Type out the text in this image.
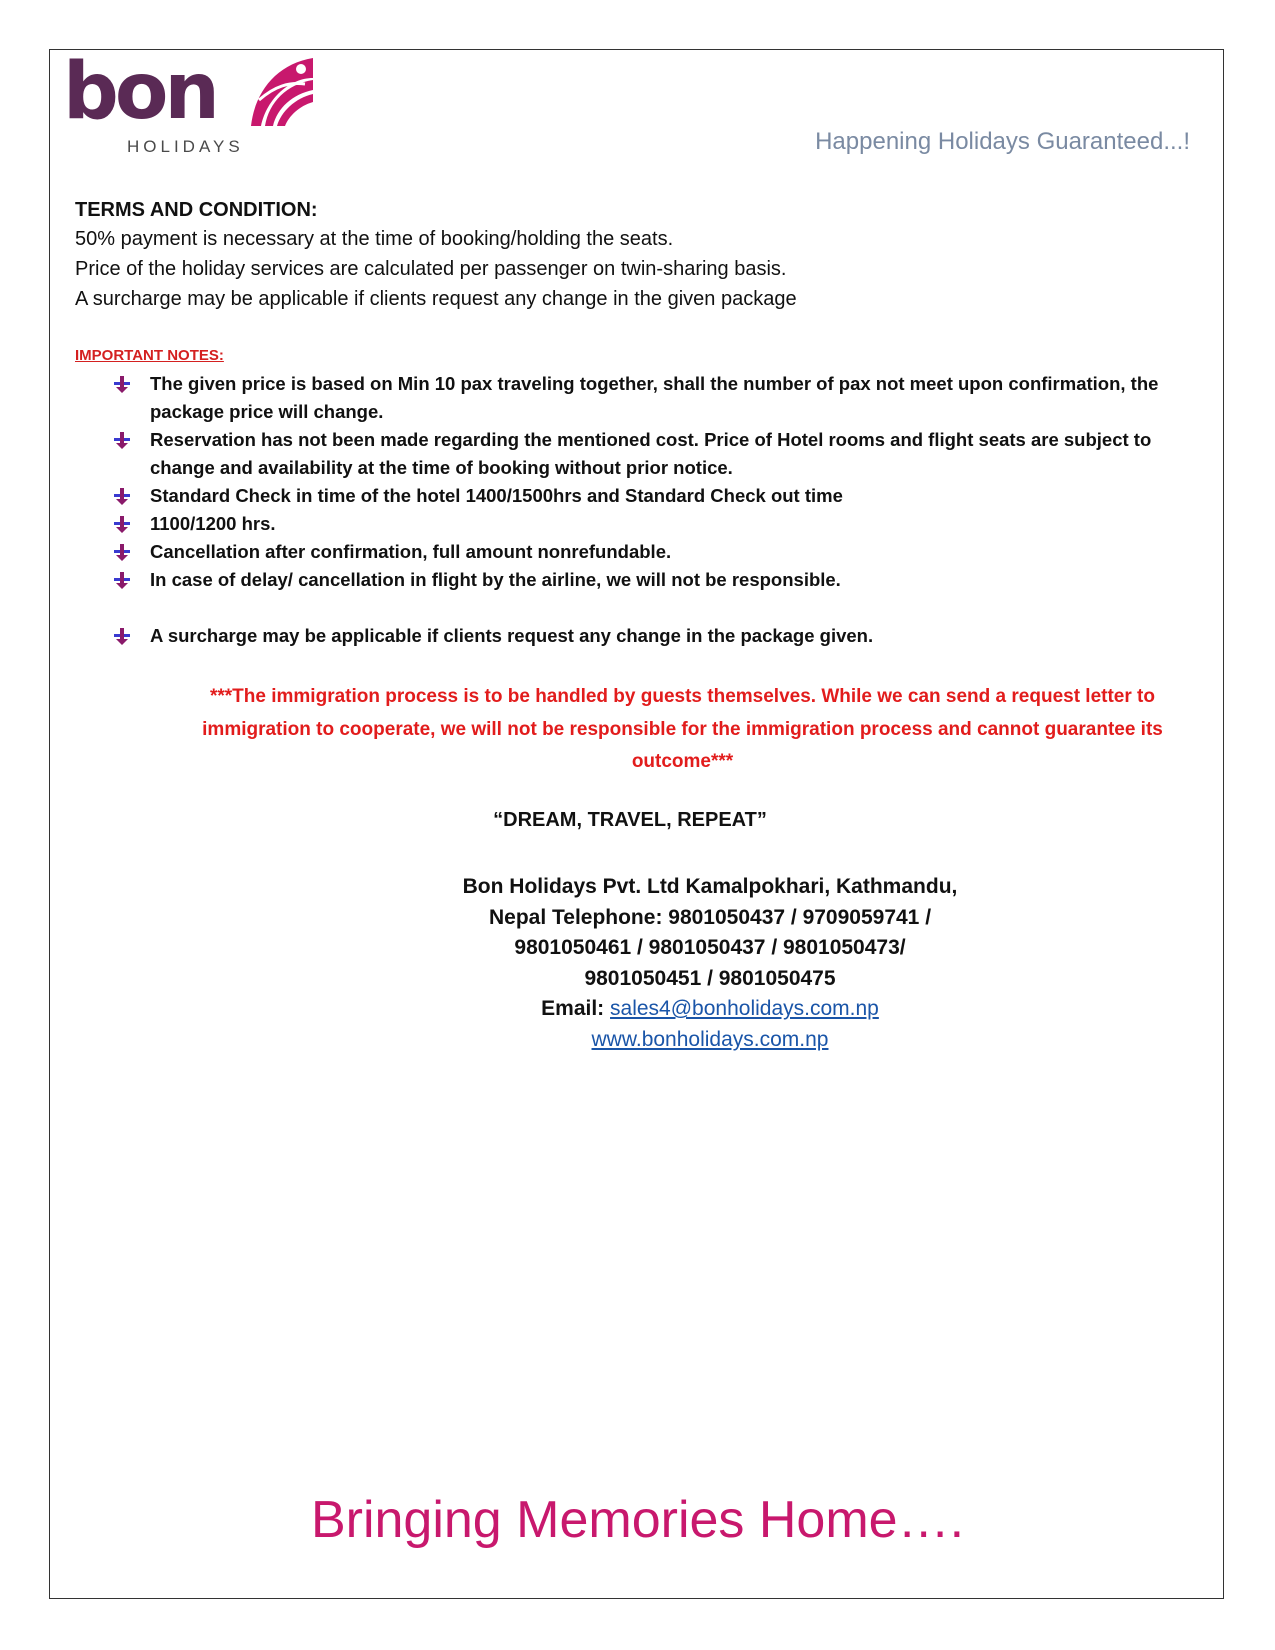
bon
HOLIDAYS	Happening Holidays Guaranteed...!
TERMS AND CONDITION:
50% payment is necessary at the time of booking/holding the seats.
Price of the holiday services are calculated per passenger on twin-sharing basis.
A surcharge may be applicable if clients request any change in the given package
IMPORTANT NOTES:
The given price is based on Min 10 pax traveling together, shall the number of pax not meet upon confirmation, the package price will change.
Reservation has not been made regarding the mentioned cost. Price of Hotel rooms and flight seats are subject to change and availability at the time of booking without prior notice.
Standard Check in time of the hotel 1400/1500hrs and Standard Check out time
1100/1200 hrs.
Cancellation after confirmation, full amount nonrefundable.
In case of delay/ cancellation in flight by the airline, we will not be responsible.
A surcharge may be applicable if clients request any change in the package given.
***The immigration process is to be handled by guests themselves. While we can send a request letter to immigration to cooperate, we will not be responsible for the immigration process and cannot guarantee its outcome***
“DREAM, TRAVEL, REPEAT”
Bon Holidays Pvt. Ltd Kamalpokhari, Kathmandu,
Nepal Telephone: 9801050437 / 9709059741 /
9801050461 / 9801050437 / 9801050473/
9801050451 / 9801050475
Email: sales4@bonholidays.com.np
www.bonholidays.com.np
Bringing Memories Home….
